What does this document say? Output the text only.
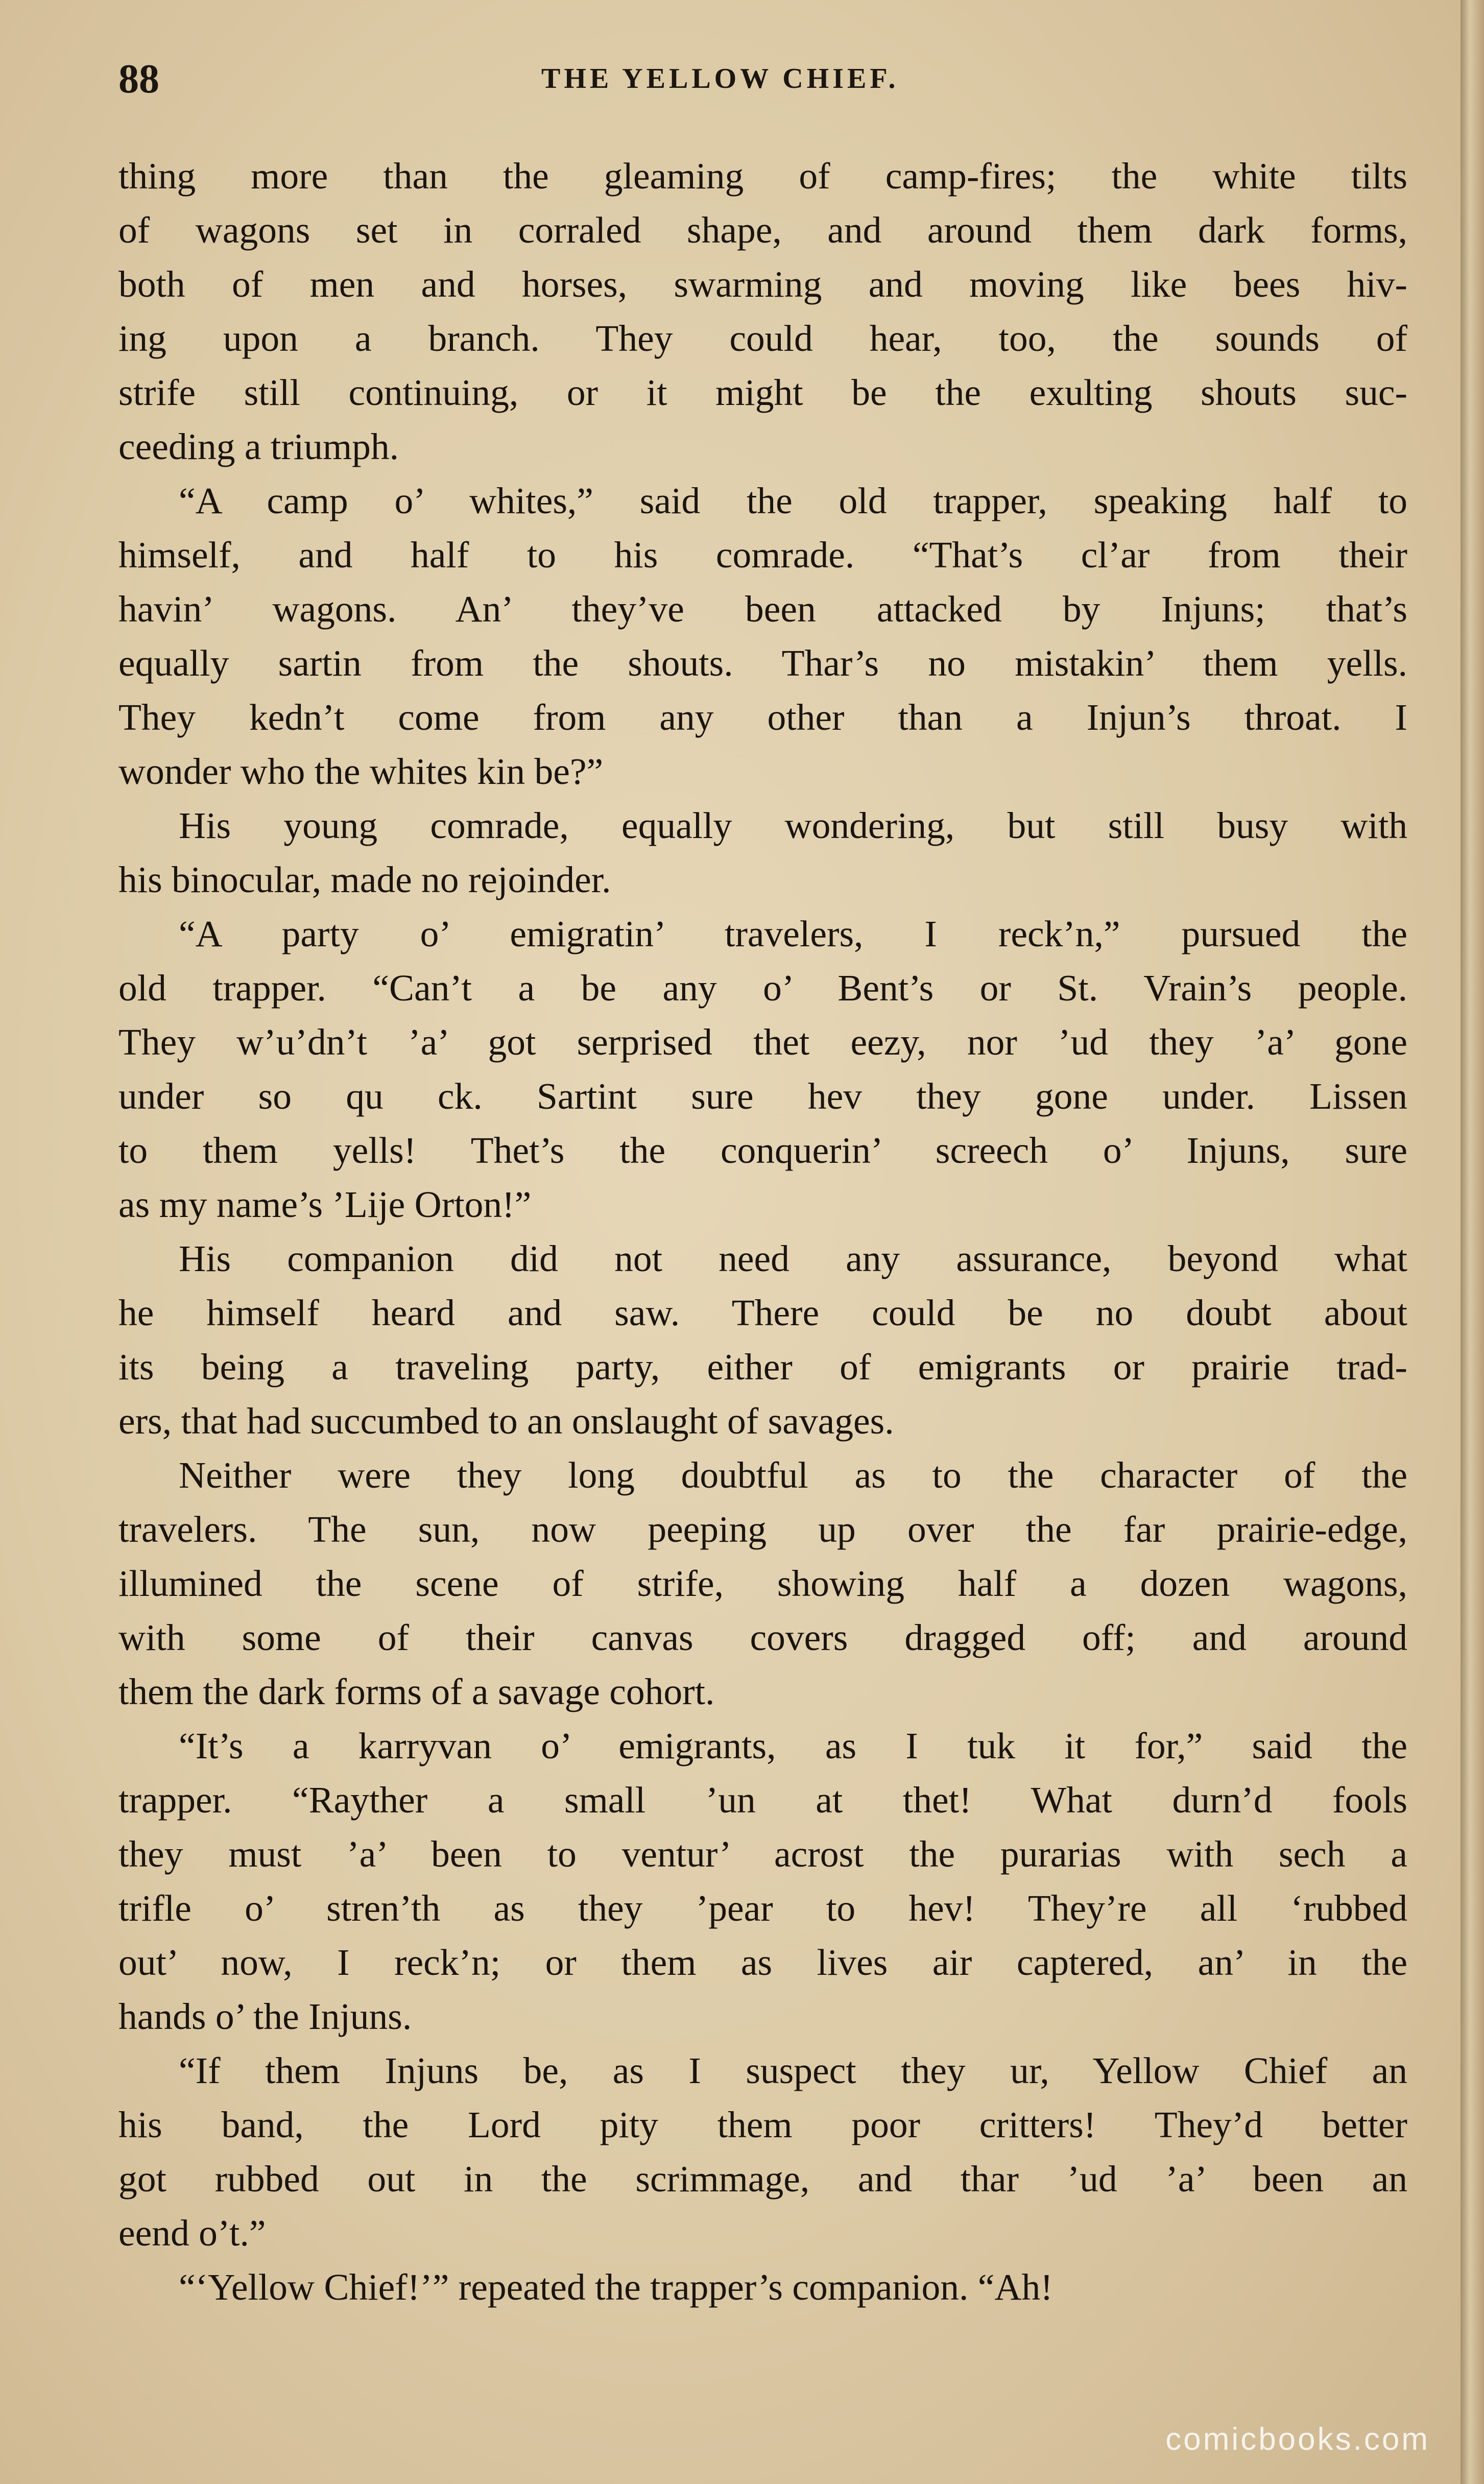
88	THE YELLOW CHIEF.
thing more than the gleaming of camp-fires; the white tilts
of wagons set in corraled shape, and around them dark forms,
both of men and horses, swarming and moving like bees hiv-
ing upon a branch. They could hear, too, the sounds of
strife still continuing, or it might be the exulting shouts suc-
ceeding a triumph.
“A camp o’ whites,” said the old trapper, speaking half to
himself, and half to his comrade. “That’s cl’ar from their
havin’ wagons. An’ they’ve been attacked by Injuns; that’s
equally sartin from the shouts. Thar’s no mistakin’ them yells.
They kedn’t come from any other than a Injun’s throat. I
wonder who the whites kin be?”
His young comrade, equally wondering, but still busy with
his binocular, made no rejoinder.
“A party o’ emigratin’ travelers, I reck’n,” pursued the
old trapper. “Can’t a be any o’ Bent’s or St. Vrain’s people.
They w’u’dn’t ’a’ got serprised thet eezy, nor ’ud they ’a’ gone
under so qu ck. Sartint sure hev they gone under. Lissen
to them yells! Thet’s the conquerin’ screech o’ Injuns, sure
as my name’s ’Lije Orton!”
His companion did not need any assurance, beyond what
he himself heard and saw. There could be no doubt about
its being a traveling party, either of emigrants or prairie trad-
ers, that had succumbed to an onslaught of savages.
Neither were they long doubtful as to the character of the
travelers. The sun, now peeping up over the far prairie-edge,
illumined the scene of strife, showing half a dozen wagons,
with some of their canvas covers dragged off; and around
them the dark forms of a savage cohort.
“It’s a karryvan o’ emigrants, as I tuk it for,” said the
trapper. “Rayther a small ’un at thet! What durn’d fools
they must ’a’ been to ventur’ acrost the purarias with sech a
trifle o’ stren’th as they ’pear to hev! They’re all ‘rubbed
out’ now, I reck’n; or them as lives air captered, an’ in the
hands o’ the Injuns.
“If them Injuns be, as I suspect they ur, Yellow Chief an
his band, the Lord pity them poor critters! They’d better
got rubbed out in the scrimmage, and thar ’ud ’a’ been an
eend o’t.”
“‘Yellow Chief!’” repeated the trapper’s companion. “Ah!
comicbooks.com
